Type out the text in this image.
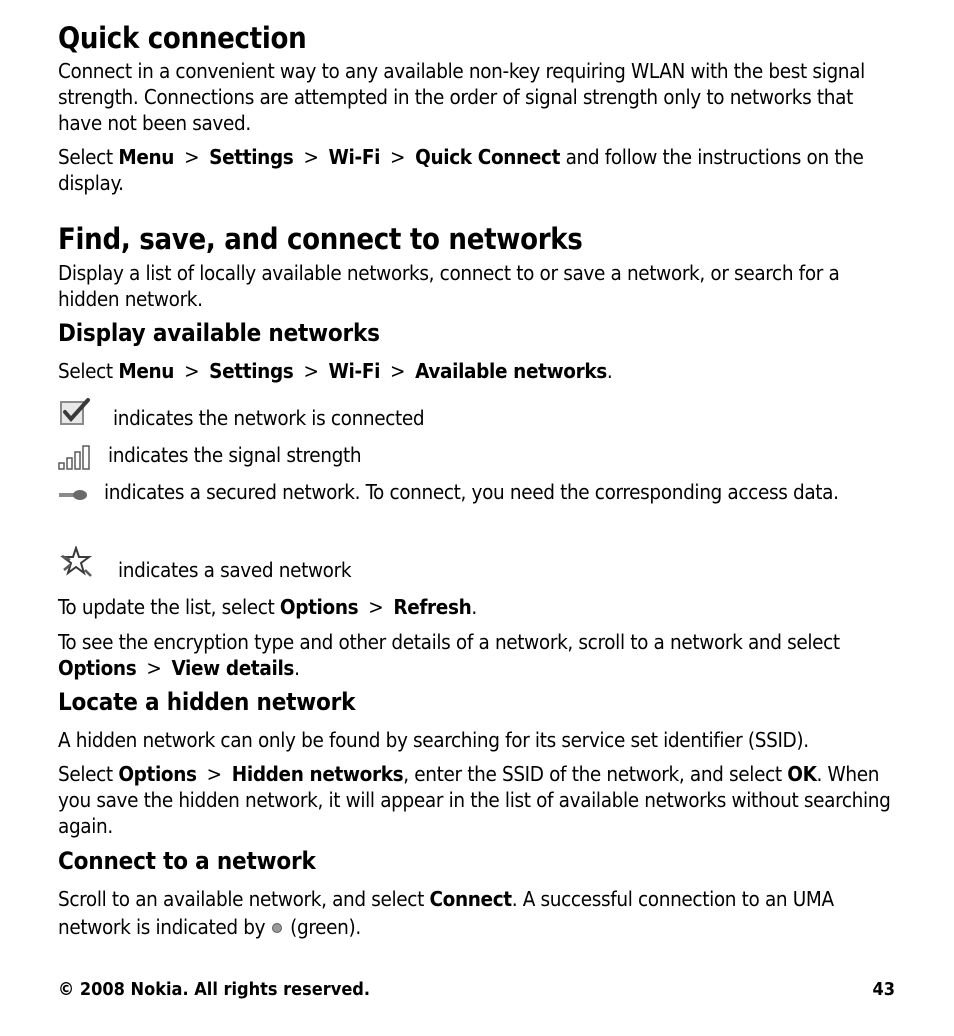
Quick connection

Connect in a convenient way to any available non-key requiring WLAN with the best signal strength. Connections are attempted in the order of signal strength only to networks that have not been saved.

Select Menu > Settings > Wi-Fi > Quick Connect and follow the instructions on the display.

Find, save, and connect to networks

Display a list of locally available networks, connect to or save a network, or search for a hidden network.

Display available networks

Select Menu > Settings > Wi-Fi > Available networks.

indicates the network is connected

indicates the signal strength

indicates a secured network. To connect, you need the corresponding access data.

indicates a saved network

To update the list, select Options > Refresh.

To see the encryption type and other details of a network, scroll to a network and select Options > View details.

Locate a hidden network

A hidden network can only be found by searching for its service set identifier (SSID).

Select Options > Hidden networks, enter the SSID of the network, and select OK. When you save the hidden network, it will appear in the list of available networks without searching again.

Connect to a network

Scroll to an available network, and select Connect. A successful connection to an UMA network is indicated by  (green).

© 2008 Nokia. All rights reserved.	43
